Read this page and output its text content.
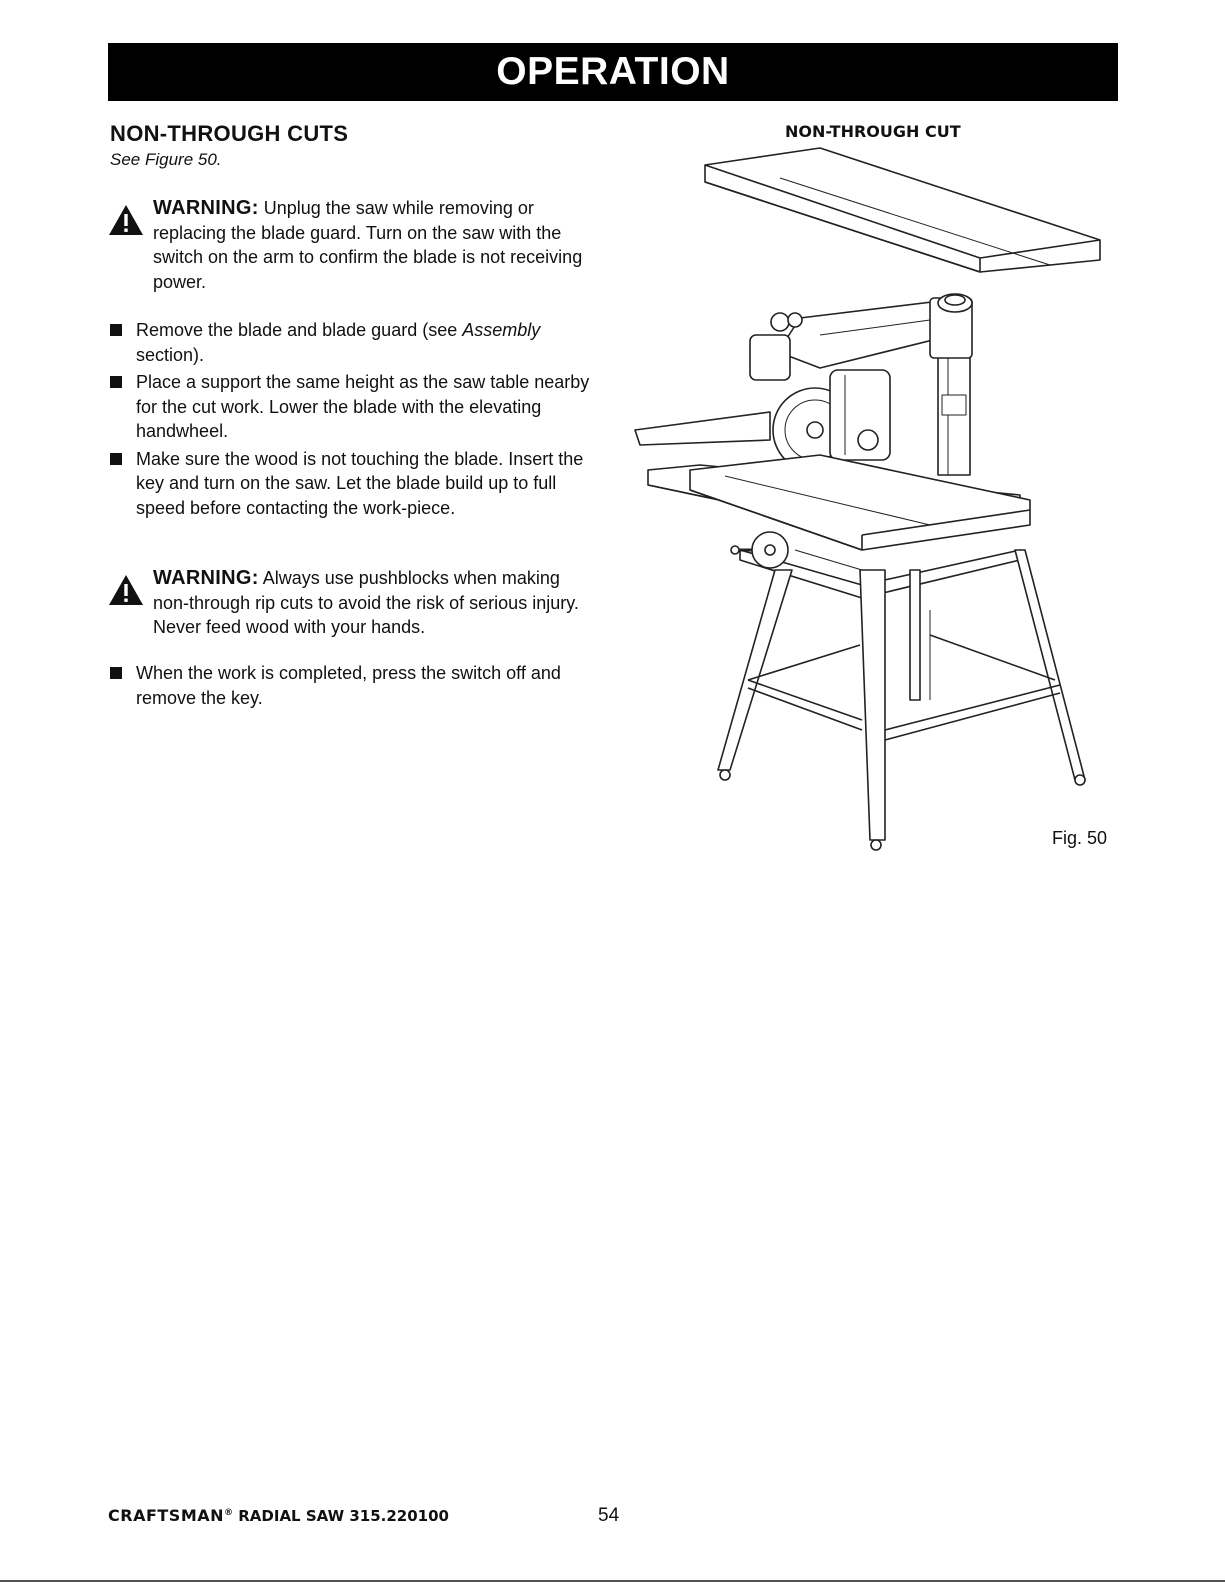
OPERATION
NON-THROUGH CUTS
See Figure 50.
WARNING: Unplug the saw while removing or replacing the blade guard. Turn on the saw with the switch on the arm to confirm the blade is not receiving power.
Remove the blade and blade guard (see Assembly section).
Place a support the same height as the saw table nearby for the cut work. Lower the blade with the elevating handwheel.
Make sure the wood is not touching the blade. Insert the key and turn on the saw. Let the blade build up to full speed before contacting the work-piece.
WARNING: Always use pushblocks when making non-through rip cuts to avoid the risk of serious injury. Never feed wood with your hands.
When the work is completed, press the switch off and remove the key.
NON-THROUGH CUT
Fig. 50
CRAFTSMAN® RADIAL SAW 315.220100	54
